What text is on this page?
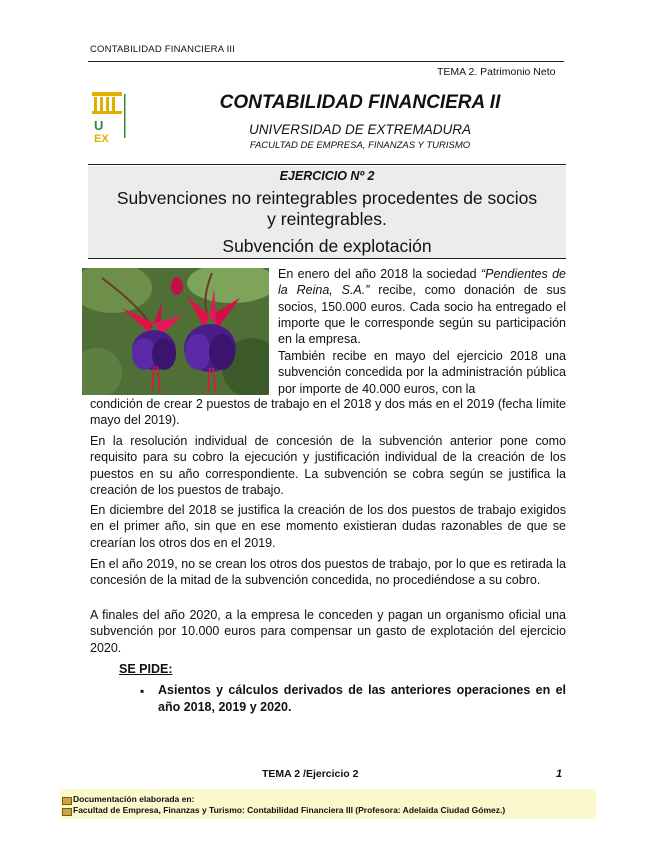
CONTABILIDAD FINANCIERA III
TEMA 2. Patrimonio Neto
U
EX
CONTABILIDAD FINANCIERA II
UNIVERSIDAD DE EXTREMADURA
FACULTAD DE EMPRESA, FINANZAS Y TURISMO
EJERCICIO Nº 2
Subvenciones no reintegrables procedentes de socios
y reintegrables.
Subvención de explotación
En enero del año 2018 la sociedad “Pendientes de la Reina, S.A.” recibe, como donación de sus socios, 150.000 euros. Cada socio ha entregado el importe que le corresponde según su participación en la empresa.
También recibe en mayo del ejercicio 2018 una subvención concedida por la administración pública por importe de 40.000 euros, con la
condición de crear 2 puestos de trabajo en el 2018 y dos más en el 2019 (fecha límite mayo del 2019).
En la resolución individual de concesión de la subvención anterior pone como requisito para su cobro la ejecución y justificación individual de la creación de los puestos en su año correspondiente. La subvención se cobra según se justifica la creación de los puestos de trabajo.
En diciembre del 2018 se justifica la creación de los dos puestos de trabajo exigidos en el primer año, sin que en ese momento existieran dudas razonables de que se crearían los otros dos en el 2019.
En el año 2019, no se crean los otros dos puestos de trabajo, por lo que es retirada la concesión de la mitad de la subvención concedida, no procediéndose a su cobro.
A finales del año 2020, a la empresa le conceden y pagan un organismo oficial una subvención por 10.000 euros para compensar un gasto de explotación del ejercicio 2020.
SE PIDE:
▪ Asientos y cálculos derivados de las anteriores operaciones en el año 2018, 2019 y 2020.
TEMA 2 /Ejercicio 2	1
Documentación elaborada en:
Facultad de Empresa, Finanzas y Turismo: Contabilidad Financiera III (Profesora: Adelaida Ciudad Gómez.)
